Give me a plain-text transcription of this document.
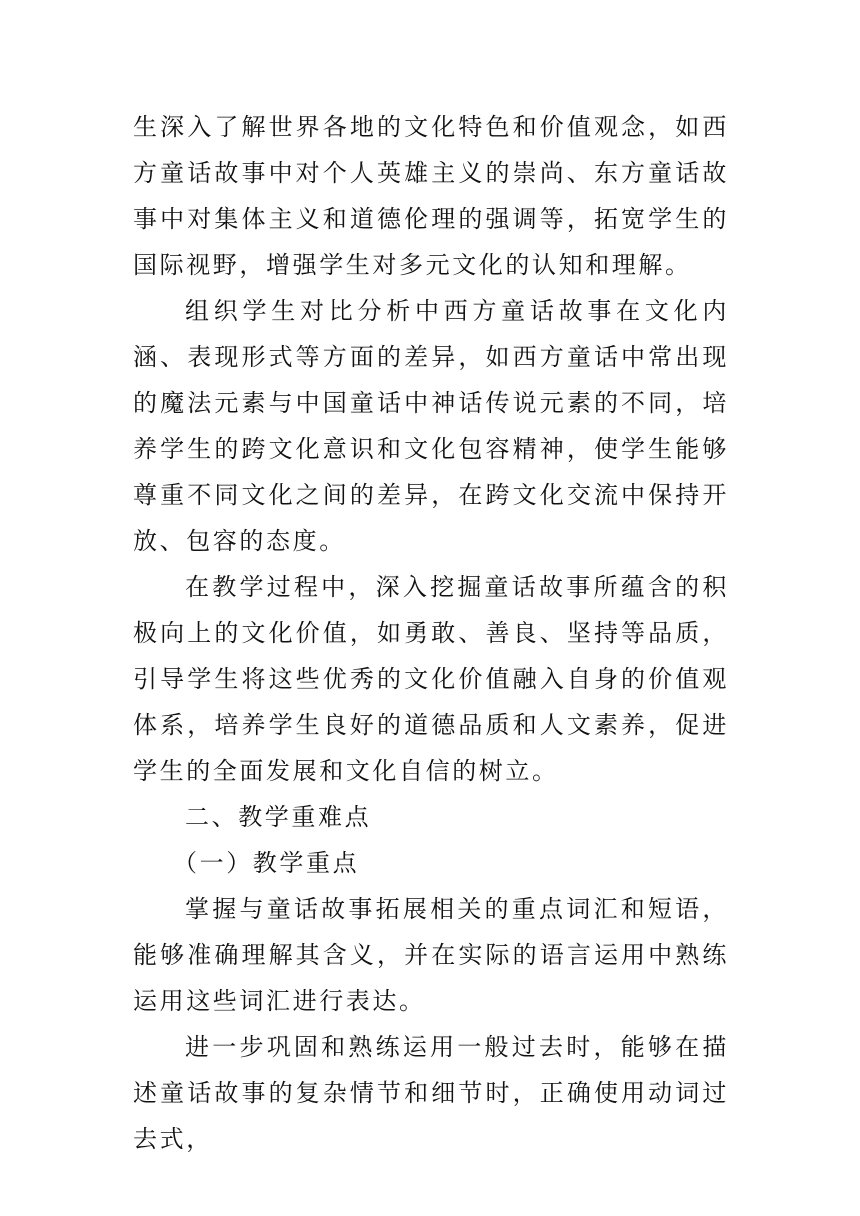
生深入了解世界各地的文化特色和价值观念，如西方童话故事中对个人英雄主义的崇尚、东方童话故事中对集体主义和道德伦理的强调等，拓宽学生的国际视野，增强学生对多元文化的认知和理解。

组织学生对比分析中西方童话故事在文化内涵、表现形式等方面的差异，如西方童话中常出现的魔法元素与中国童话中神话传说元素的不同，培养学生的跨文化意识和文化包容精神，使学生能够尊重不同文化之间的差异，在跨文化交流中保持开放、包容的态度。

在教学过程中，深入挖掘童话故事所蕴含的积极向上的文化价值，如勇敢、善良、坚持等品质，引导学生将这些优秀的文化价值融入自身的价值观体系，培养学生良好的道德品质和人文素养，促进学生的全面发展和文化自信的树立。

二、教学重难点

（一）教学重点

掌握与童话故事拓展相关的重点词汇和短语，能够准确理解其含义，并在实际的语言运用中熟练运用这些词汇进行表达。

进一步巩固和熟练运用一般过去时，能够在描述童话故事的复杂情节和细节时，正确使用动词过去式，
